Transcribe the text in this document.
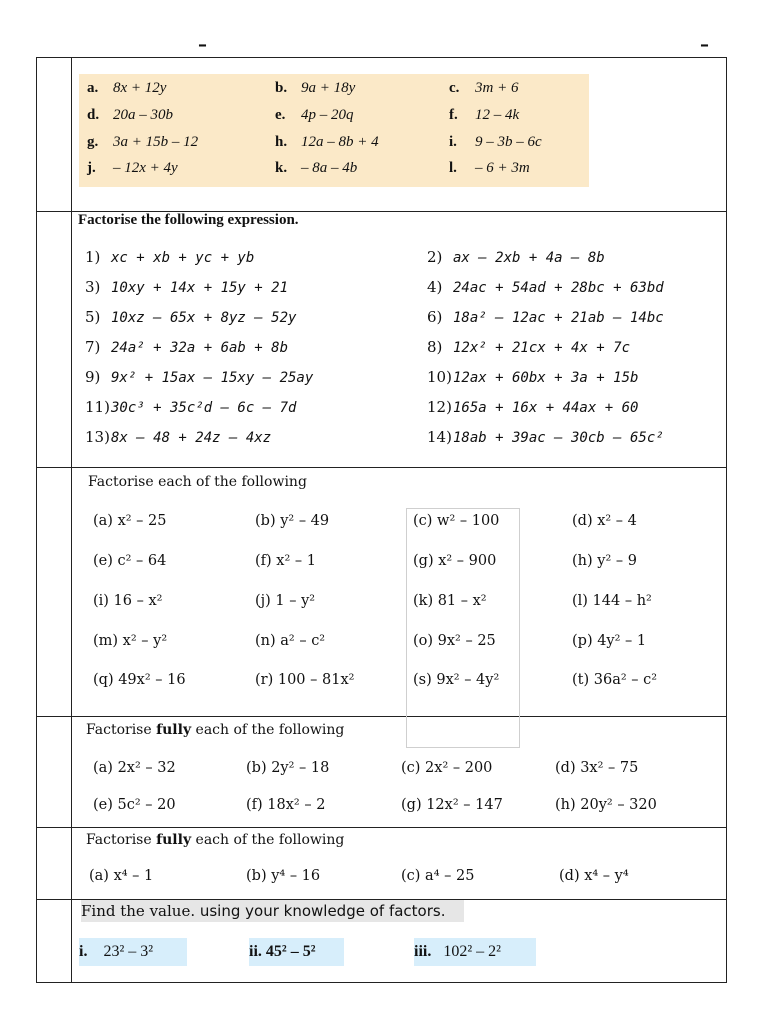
–	–
a. 8x + 12y	b. 9a + 18y	c. 3m + 6
d. 20a – 30b	e. 4p – 20q	f. 12 – 4k
g. 3a + 15b – 12	h. 12a – 8b + 4	i. 9 – 3b – 6c
j. – 12x + 4y	k. – 8a – 4b	l. – 6 + 3m
Factorise the following expression.
1) xc + xb + yc + yb	2) ax – 2xb + 4a – 8b
3) 10xy + 14x + 15y + 21	4) 24ac + 54ad + 28bc + 63bd
5) 10xz – 65x + 8yz – 52y	6) 18a² – 12ac + 21ab – 14bc
7) 24a² + 32a + 6ab + 8b	8) 12x² + 21cx + 4x + 7c
9) 9x² + 15ax – 15xy – 25ay	10)12ax + 60bx + 3a + 15b
11)30c³ + 35c²d – 6c – 7d	12)165a + 16x + 44ax + 60
13)8x – 48 + 24z – 4xz	14)18ab + 39ac – 30cb – 65c²
Factorise each of the following
(a) x² – 25	(b) y² – 49	(c) w² – 100	(d) x² – 4
(e) c² – 64	(f) x² – 1	(g) x² – 900	(h) y² – 9
(i) 16 – x²	(j) 1 – y²	(k) 81 – x²	(l) 144 – h²
(m) x² – y²	(n) a² – c²	(o) 9x² – 25	(p) 4y² – 1
(q) 49x² – 16	(r) 100 – 81x²	(s) 9x² – 4y²	(t) 36a² – c²
Factorise fully each of the following
(a) 2x² – 32	(b) 2y² – 18	(c) 2x² – 200	(d) 3x² – 75
(e) 5c² – 20	(f) 18x² – 2	(g) 12x² – 147	(h) 20y² – 320
Factorise fully each of the following
(a) x⁴ – 1	(b) y⁴ – 16	(c) a⁴ – 25	(d) x⁴ – y⁴
Find the value. using your knowledge of factors.
i. 23² – 3²	ii. 45² – 5²	iii. 102² – 2²
